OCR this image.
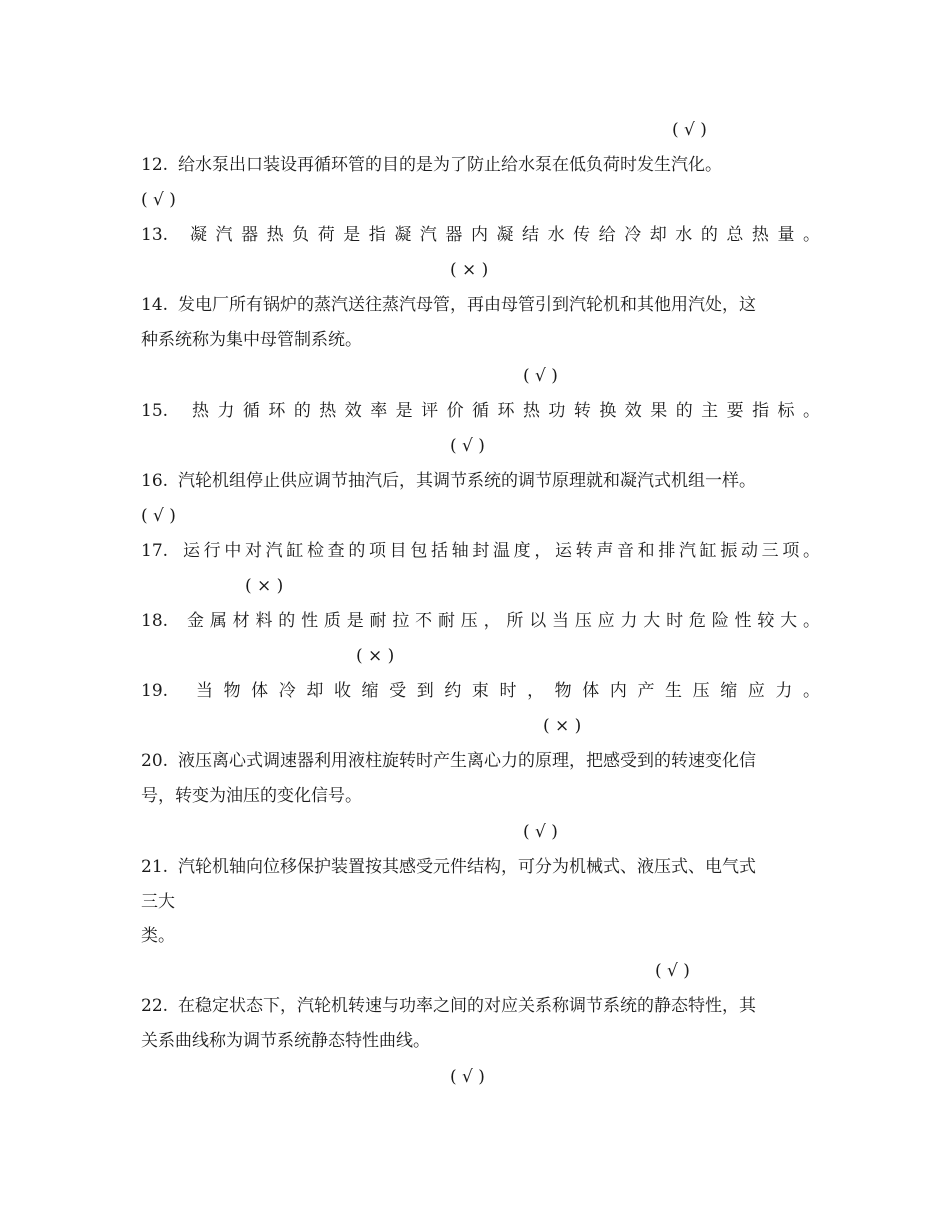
( √ )
12. 给水泵出口装设再循环管的目的是为了防止给水泵在低负荷时发生汽化。
( √ )
13. 凝汽器热负荷是指凝汽器内凝结水传给冷却水的总热量。
( × )
14. 发电厂所有锅炉的蒸汽送往蒸汽母管，再由母管引到汽轮机和其他用汽处，这
种系统称为集中母管制系统。
( √ )
15. 热力循环的热效率是评价循环热功转换效果的主要指标。
( √ )
16. 汽轮机组停止供应调节抽汽后，其调节系统的调节原理就和凝汽式机组一样。
( √ )
17. 运行中对汽缸检查的项目包括轴封温度，运转声音和排汽缸振动三项。
( × )
18. 金属材料的性质是耐拉不耐压，所以当压应力大时危险性较大。
( × )
19. 当物体冷却收缩受到约束时，物体内产生压缩应力。
( × )
20. 液压离心式调速器利用液柱旋转时产生离心力的原理，把感受到的转速变化信
号，转变为油压的变化信号。
( √ )
21. 汽轮机轴向位移保护装置按其感受元件结构，可分为机械式、液压式、电气式
三大
类。
( √ )
22. 在稳定状态下，汽轮机转速与功率之间的对应关系称调节系统的静态特性，其
关系曲线称为调节系统静态特性曲线。
( √ )
